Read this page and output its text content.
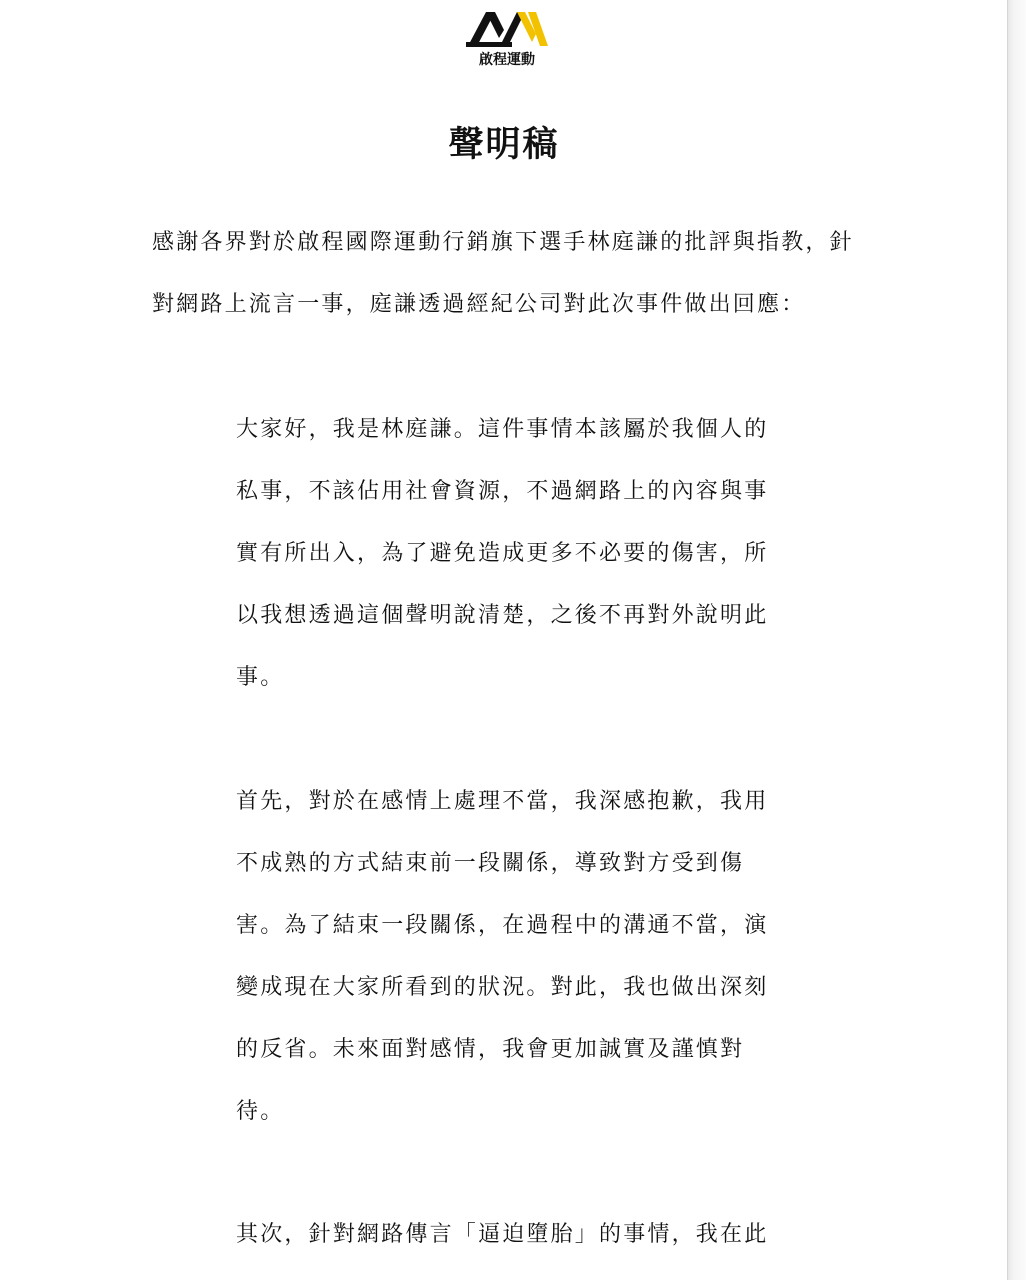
啟程運動
聲明稿
感謝各界對於啟程國際運動行銷旗下選手林庭謙的批評與指教，針
對網路上流言一事，庭謙透過經紀公司對此次事件做出回應：
大家好，我是林庭謙。這件事情本該屬於我個人的
私事，不該佔用社會資源，不過網路上的內容與事
實有所出入，為了避免造成更多不必要的傷害，所
以我想透過這個聲明說清楚，之後不再對外說明此
事。
首先，對於在感情上處理不當，我深感抱歉，我用
不成熟的方式結束前一段關係，導致對方受到傷
害。為了結束一段關係，在過程中的溝通不當，演
變成現在大家所看到的狀況。對此，我也做出深刻
的反省。未來面對感情，我會更加誠實及謹慎對
待。
其次，針對網路傳言「逼迫墮胎」的事情，我在此
